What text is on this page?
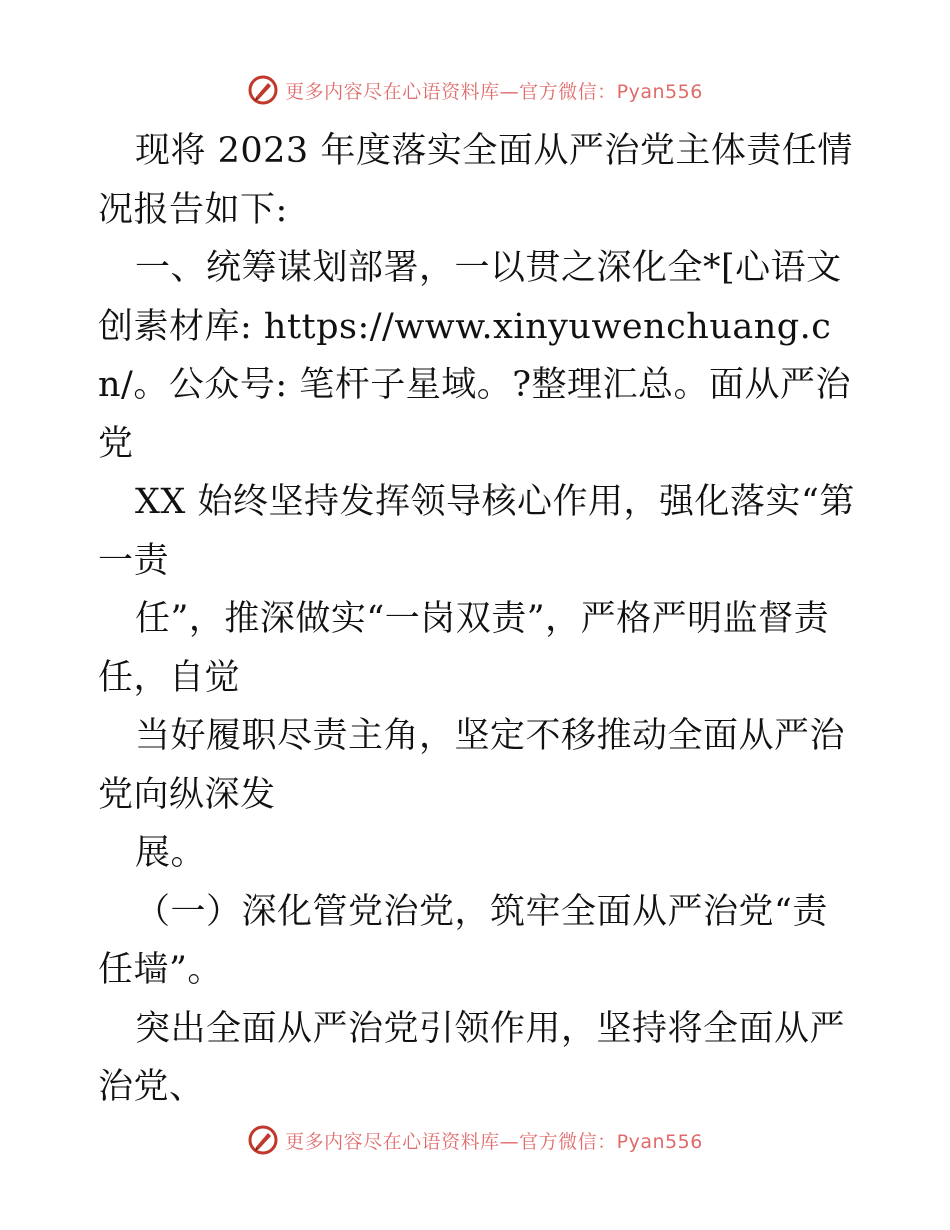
更多内容尽在心语资料库—官方微信：Pyan556

现将 2023 年度落实全面从严治党主体责任情况报告如下:

一、统筹谋划部署，一以贯之深化全*[心语文创素材库: https://www.xinyuwenchuang.cn/。公众号: 笔杆子星域。?整理汇总。面从严治党

XX 始终坚持发挥领导核心作用，强化落实“第一责

任”，推深做实“一岗双责”，严格严明监督责任，自觉

当好履职尽责主角，坚定不移推动全面从严治党向纵深发

展。

（一）深化管党治党，筑牢全面从严治党“责任墙”。

突出全面从严治党引领作用，坚持将全面从严治党、

更多内容尽在心语资料库—官方微信：Pyan556
